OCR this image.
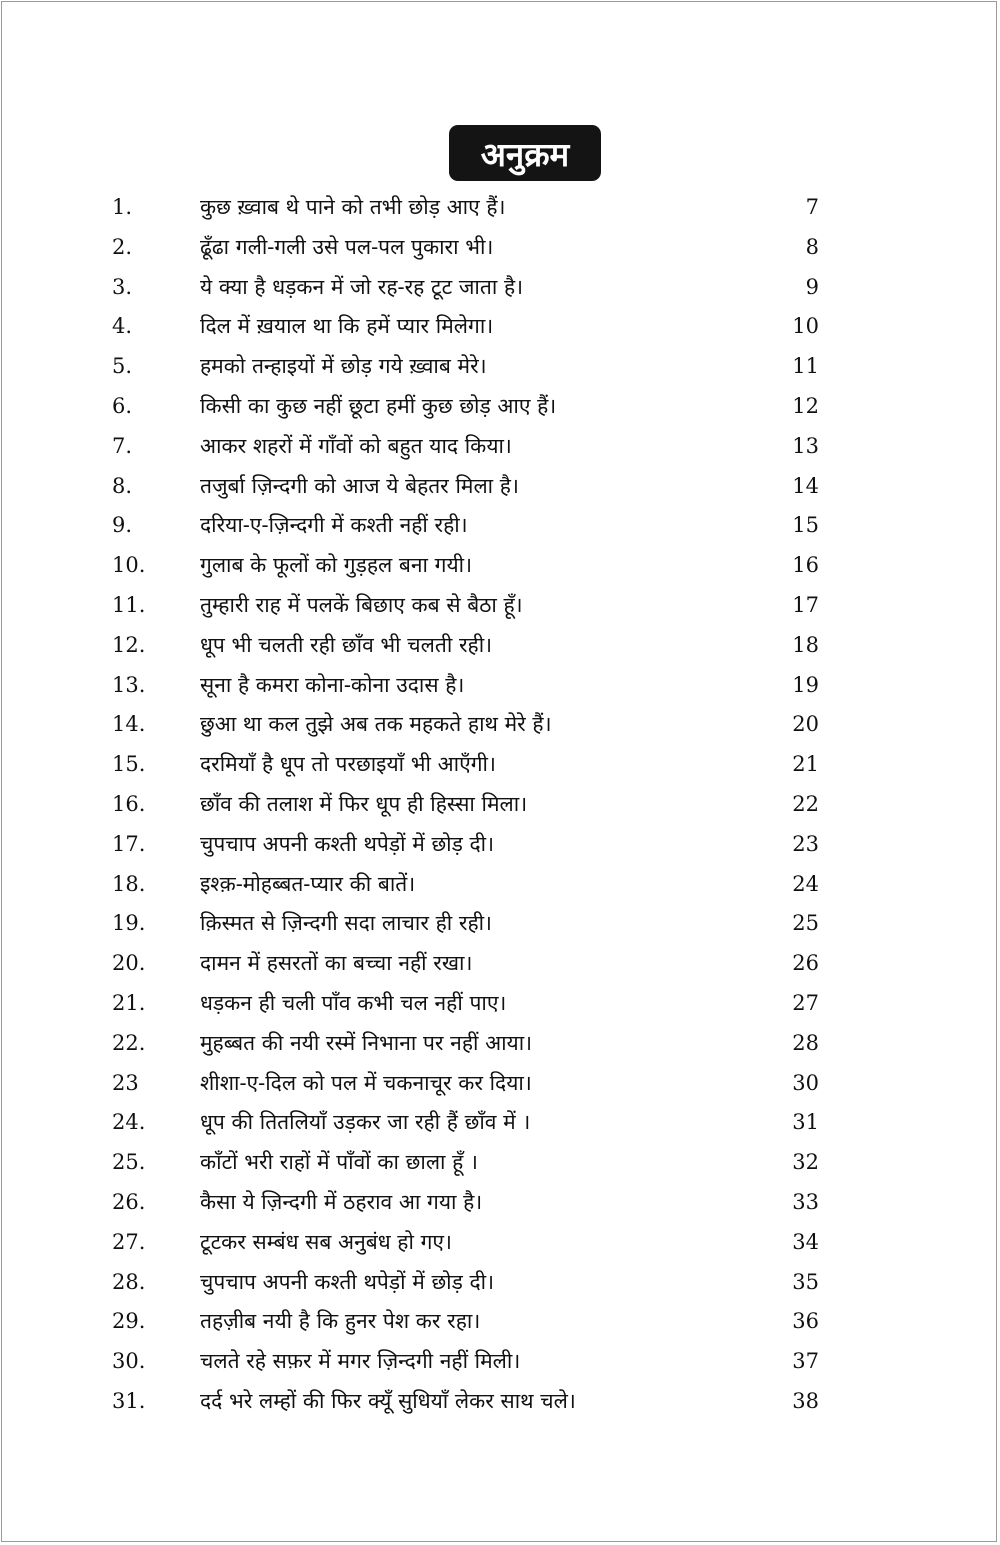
अनुक्रम
1.	कुछ ख़्वाब थे पाने को तभी छोड़ आए हैं।	7
2.	ढूँढा गली-गली उसे पल-पल पुकारा भी।	8
3.	ये क्या है धड़कन में जो रह-रह टूट जाता है।	9
4.	दिल में ख़याल था कि हमें प्यार मिलेगा।	10
5.	हमको तन्हाइयों में छोड़ गये ख़्वाब मेरे।	11
6.	किसी का कुछ नहीं छूटा हमीं कुछ छोड़ आए हैं।	12
7.	आकर शहरों में गाँवों को बहुत याद किया।	13
8.	तजुर्बा ज़िन्दगी को आज ये बेहतर मिला है।	14
9.	दरिया-ए-ज़िन्दगी में कश्ती नहीं रही।	15
10.	गुलाब के फूलों को गुड़हल बना गयी।	16
11.	तुम्हारी राह में पलकें बिछाए कब से बैठा हूँ।	17
12.	धूप भी चलती रही छाँव भी चलती रही।	18
13.	सूना है कमरा कोना-कोना उदास है।	19
14.	छुआ था कल तुझे अब तक महकते हाथ मेरे हैं।	20
15.	दरमियाँ है धूप तो परछाइयाँ भी आएँगी।	21
16.	छाँव की तलाश में फिर धूप ही हिस्सा मिला।	22
17.	चुपचाप अपनी कश्ती थपेड़ों में छोड़ दी।	23
18.	इश्क़-मोहब्बत-प्यार की बातें।	24
19.	क़िस्मत से ज़िन्दगी सदा लाचार ही रही।	25
20.	दामन में हसरतों का बच्चा नहीं रखा।	26
21.	धड़कन ही चली पाँव कभी चल नहीं पाए।	27
22.	मुहब्बत की नयी रस्में निभाना पर नहीं आया।	28
23	शीशा-ए-दिल को पल में चकनाचूर कर दिया।	30
24.	धूप की तितलियाँ उड़कर जा रही हैं छाँव में ।	31
25.	काँटों भरी राहों में पाँवों का छाला हूँ ।	32
26.	कैसा ये ज़िन्दगी में ठहराव आ गया है।	33
27.	टूटकर सम्बंध सब अनुबंध हो गए।	34
28.	चुपचाप अपनी कश्ती थपेड़ों में छोड़ दी।	35
29.	तहज़ीब नयी है कि हुनर पेश कर रहा।	36
30.	चलते रहे सफ़र में मगर ज़िन्दगी नहीं मिली।	37
31.	दर्द भरे लम्हों की फिर क्यूँ सुधियाँ लेकर साथ चले।	38
